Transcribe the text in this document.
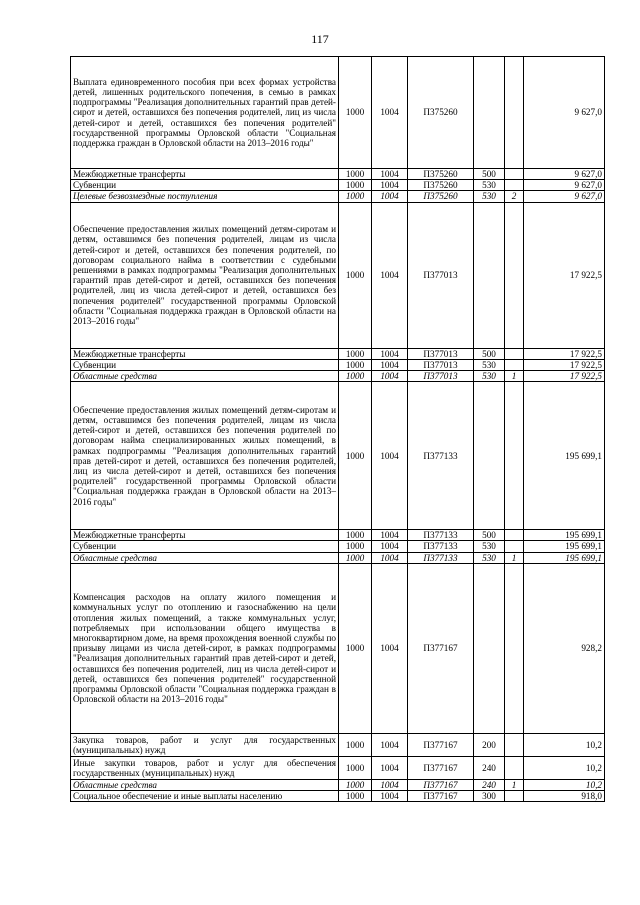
117
Выплата единовременного пособия при всех формах устройства детей, лишенных родительского попечения, в семью в рамках подпрограммы "Реализация дополнительных гарантий прав детей-сирот и детей, оставшихся без попечения родителей, лиц из числа детей-сирот и детей, оставшихся без попечения родителей" государственной программы Орловской области "Социальная поддержка граждан в Орловской области на 2013–2016 годы"	1000	1004	П375260			9 627,0
Межбюджетные трансферты	1000	1004	П375260	500		9 627,0
Субвенции	1000	1004	П375260	530		9 627,0
Целевые безвозмездные поступления	1000	1004	П375260	530	2	9 627,0
Обеспечение предоставления жилых помещений детям-сиротам и детям, оставшимся без попечения родителей, лицам из числа детей-сирот и детей, оставшихся без попечения родителей, по договорам социального найма в соответствии с судебными решениями в рамках подпрограммы "Реализация дополнительных гарантий прав детей-сирот и детей, оставшихся без попечения родителей, лиц из числа детей-сирот и детей, оставшихся без попечения родителей" государственной программы Орловской области "Социальная поддержка граждан в Орловской области на 2013–2016 годы"	1000	1004	П377013			17 922,5
Межбюджетные трансферты	1000	1004	П377013	500		17 922,5
Субвенции	1000	1004	П377013	530		17 922,5
Областные средства	1000	1004	П377013	530	1	17 922,5
Обеспечение предоставления жилых помещений детям-сиротам и детям, оставшимся без попечения родителей, лицам из числа детей-сирот и детей, оставшихся без попечения родителей по договорам найма специализированных жилых помещений, в рамках подпрограммы "Реализация дополнительных гарантий прав детей-сирот и детей, оставшихся без попечения родителей, лиц из числа детей-сирот и детей, оставшихся без попечения родителей" государственной программы Орловской области "Социальная поддержка граждан в Орловской области на 2013–2016 годы"	1000	1004	П377133			195 699,1
Межбюджетные трансферты	1000	1004	П377133	500		195 699,1
Субвенции	1000	1004	П377133	530		195 699,1
Областные средства	1000	1004	П377133	530	1	195 699,1
Компенсация расходов на оплату жилого помещения и коммунальных услуг по отоплению и газоснабжению на цели отопления жилых помещений, а также коммунальных услуг, потребляемых при использовании общего имущества в многоквартирном доме, на время прохождения военной службы по призыву лицами из числа детей-сирот, в рамках подпрограммы "Реализация дополнительных гарантий прав детей-сирот и детей, оставшихся без попечения родителей, лиц из числа детей-сирот и детей, оставшихся без попечения родителей" государственной программы Орловской области "Социальная поддержка граждан в Орловской области на 2013–2016 годы"	1000	1004	П377167			928,2
Закупка товаров, работ и услуг для государственных (муниципальных) нужд	1000	1004	П377167	200		10,2
Иные закупки товаров, работ и услуг для обеспечения государственных (муниципальных) нужд	1000	1004	П377167	240		10,2
Областные средства	1000	1004	П377167	240	1	10,2
Социальное обеспечение и иные выплаты населению	1000	1004	П377167	300		918,0
